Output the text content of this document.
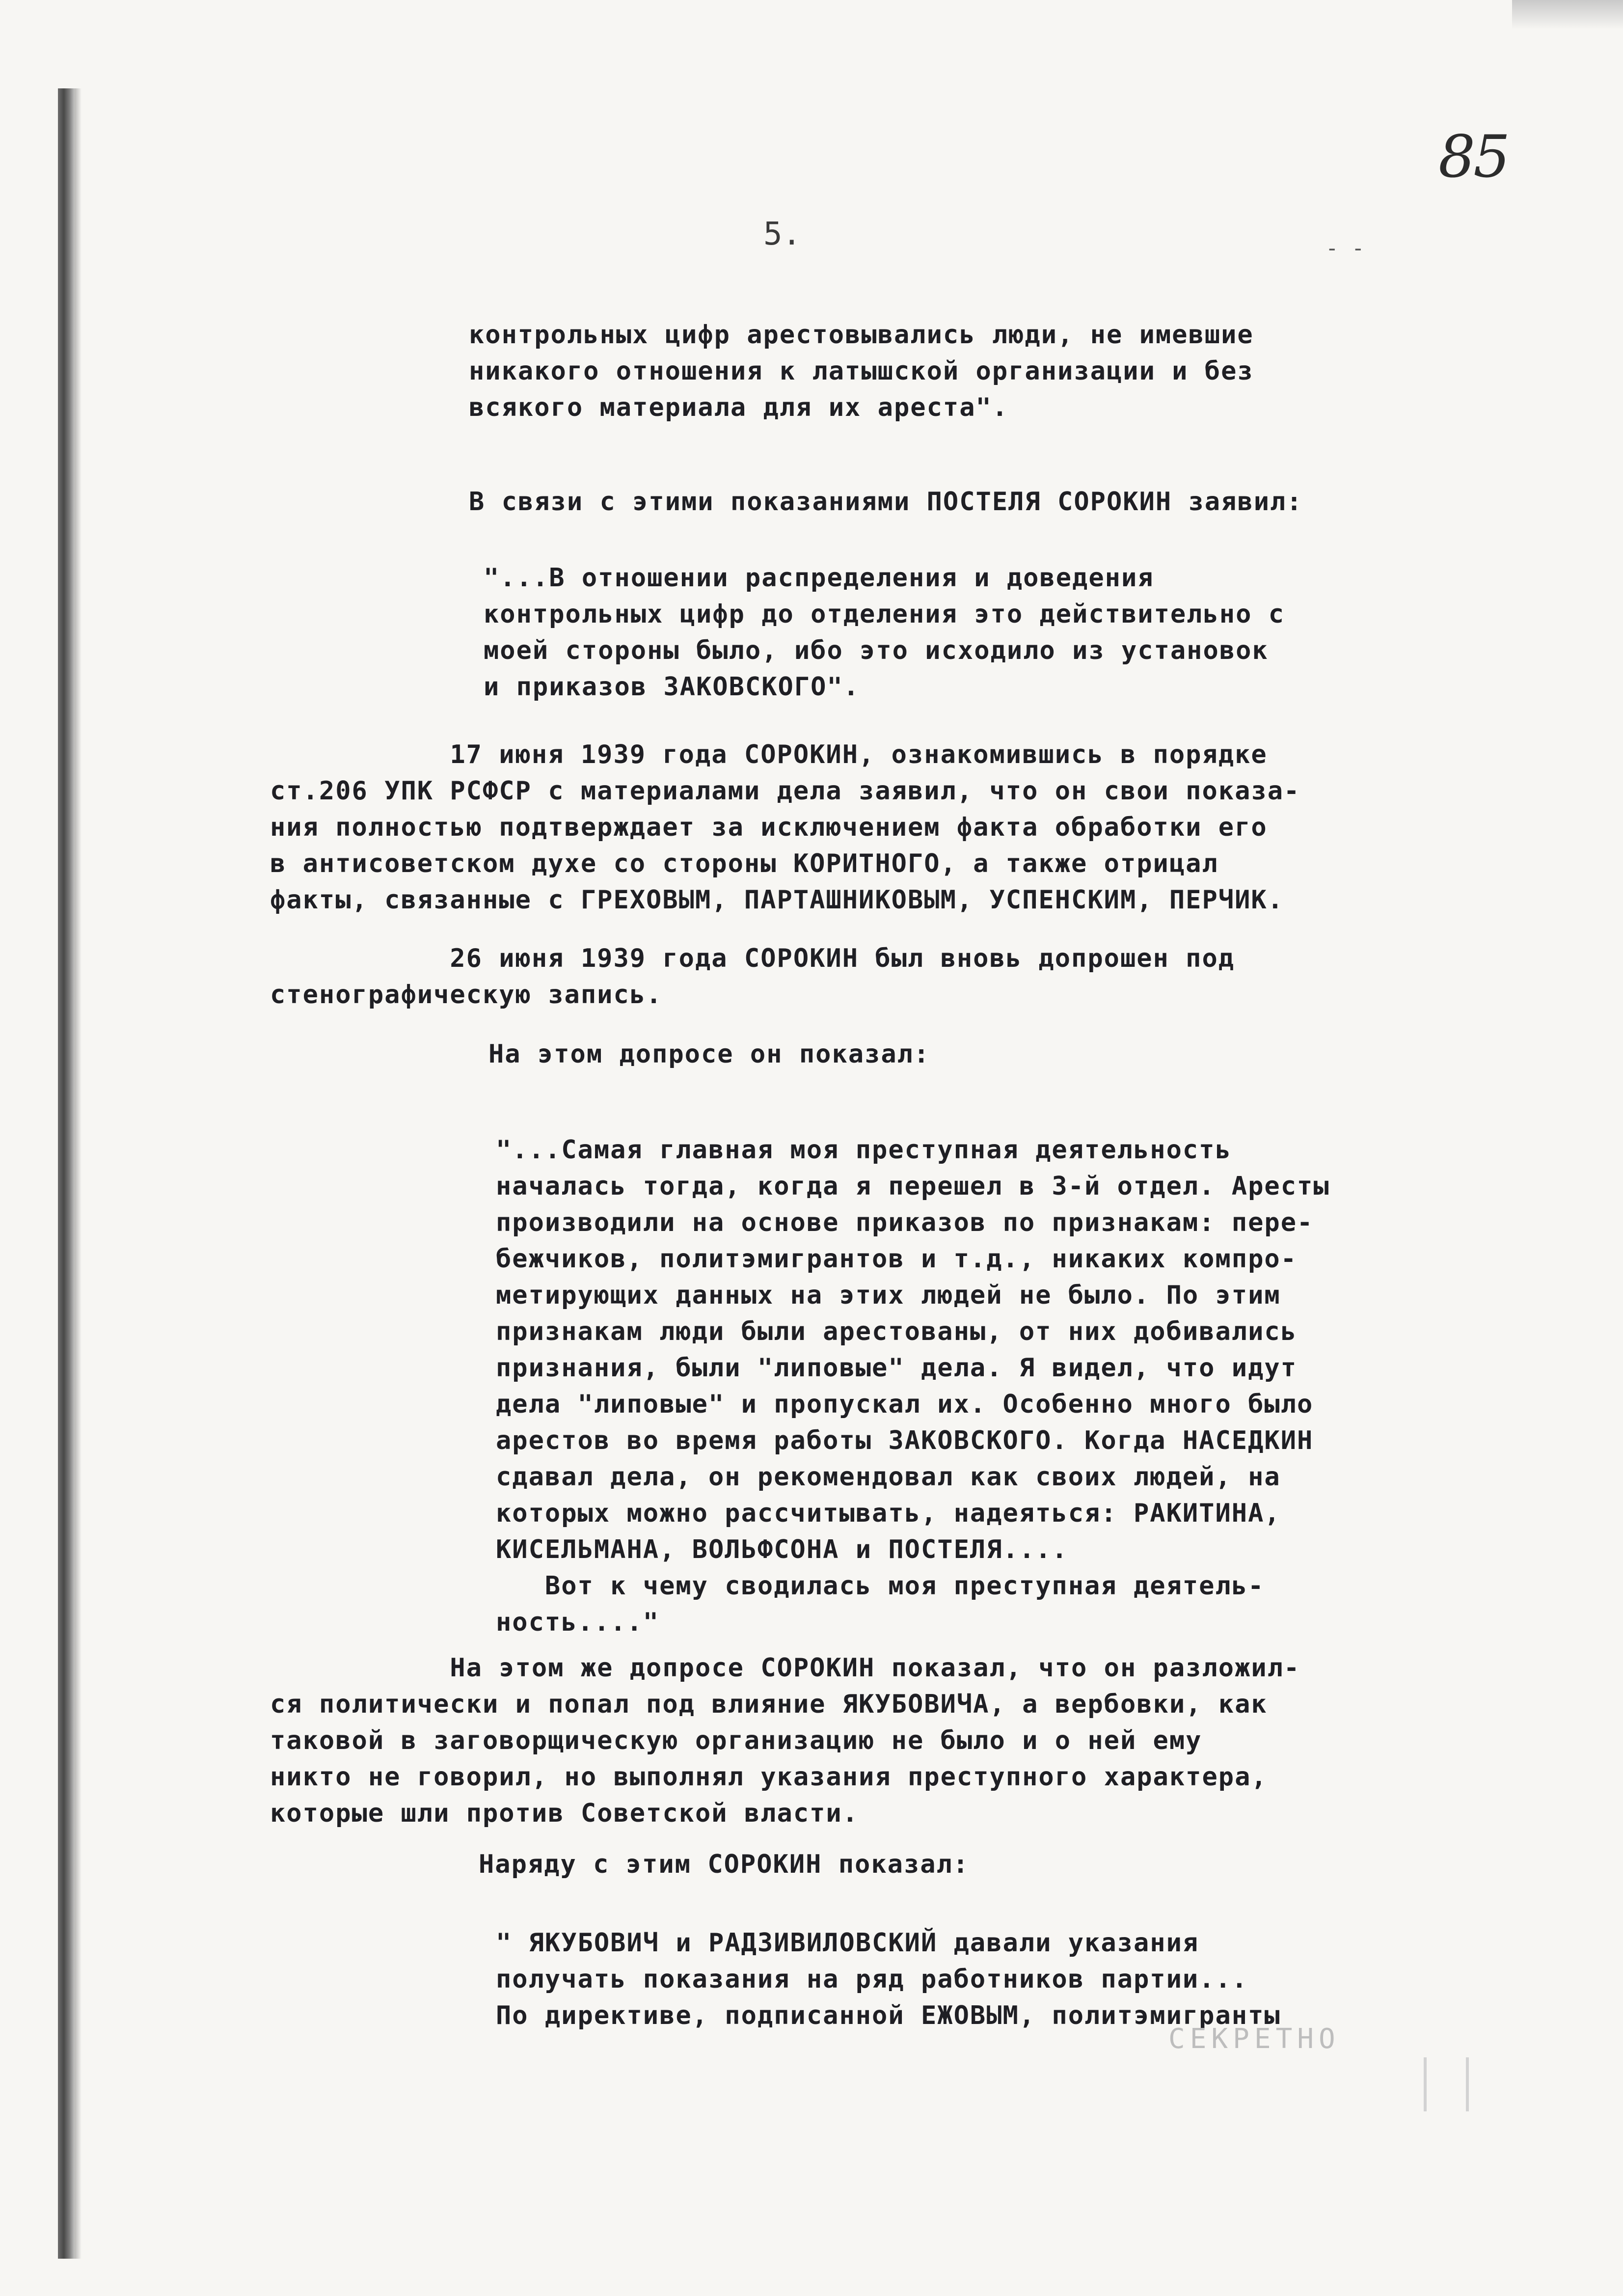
85
5.	- -

контрольных цифр арестовывались люди, не имевшие
никакого отношения к латышской организации и без
всякого материала для их ареста".

В связи с этими показаниями ПОСТЕЛЯ СОРОКИН заявил:

"...В отношении распределения и доведения
контрольных цифр до отделения это действительно с
моей стороны было, ибо это исходило из установок
и приказов ЗАКОВСКОГО".

17 июня 1939 года СОРОКИН, ознакомившись в порядке
ст.206 УПК РСФСР с материалами дела заявил, что он свои показа-
ния полностью подтверждает за исключением факта обработки его
в антисоветском духе со стороны КОРИТНОГО, а также отрицал
факты, связанные с ГРЕХОВЫМ, ПАРТАШНИКОВЫМ, УСПЕНСКИМ, ПЕРЧИК.

26 июня 1939 года СОРОКИН был вновь допрошен под
стенографическую запись.

На этом допросе он показал:

"...Самая главная моя преступная деятельность
началась тогда, когда я перешел в 3-й отдел. Аресты
производили на основе приказов по признакам: пере-
бежчиков, политэмигрантов и т.д., никаких компро-
метирующих данных на этих людей не было. По этим
признакам люди были арестованы, от них добивались
признания, были "липовые" дела. Я видел, что идут
дела "липовые" и пропускал их. Особенно много было
арестов во время работы ЗАКОВСКОГО. Когда НАСЕДКИН
сдавал дела, он рекомендовал как своих людей, на
которых можно рассчитывать, надеяться: РАКИТИНА,
КИСЕЛЬМАНА, ВОЛЬФСОНА и ПОСТЕЛЯ....
Вот к чему сводилась моя преступная деятель-
ность...."

На этом же допросе СОРОКИН показал, что он разложил-
ся политически и попал под влияние ЯКУБОВИЧА, а вербовки, как
таковой в заговорщическую организацию не было и о ней ему
никто не говорил, но выполнял указания преступного характера,
которые шли против Советской власти.

Наряду с этим СОРОКИН показал:

" ЯКУБОВИЧ и РАДЗИВИЛОВСКИЙ давали указания
получать показания на ряд работников партии...
По директиве, подписанной ЕЖОВЫМ, политэмигранты

СЕКРЕТНО
